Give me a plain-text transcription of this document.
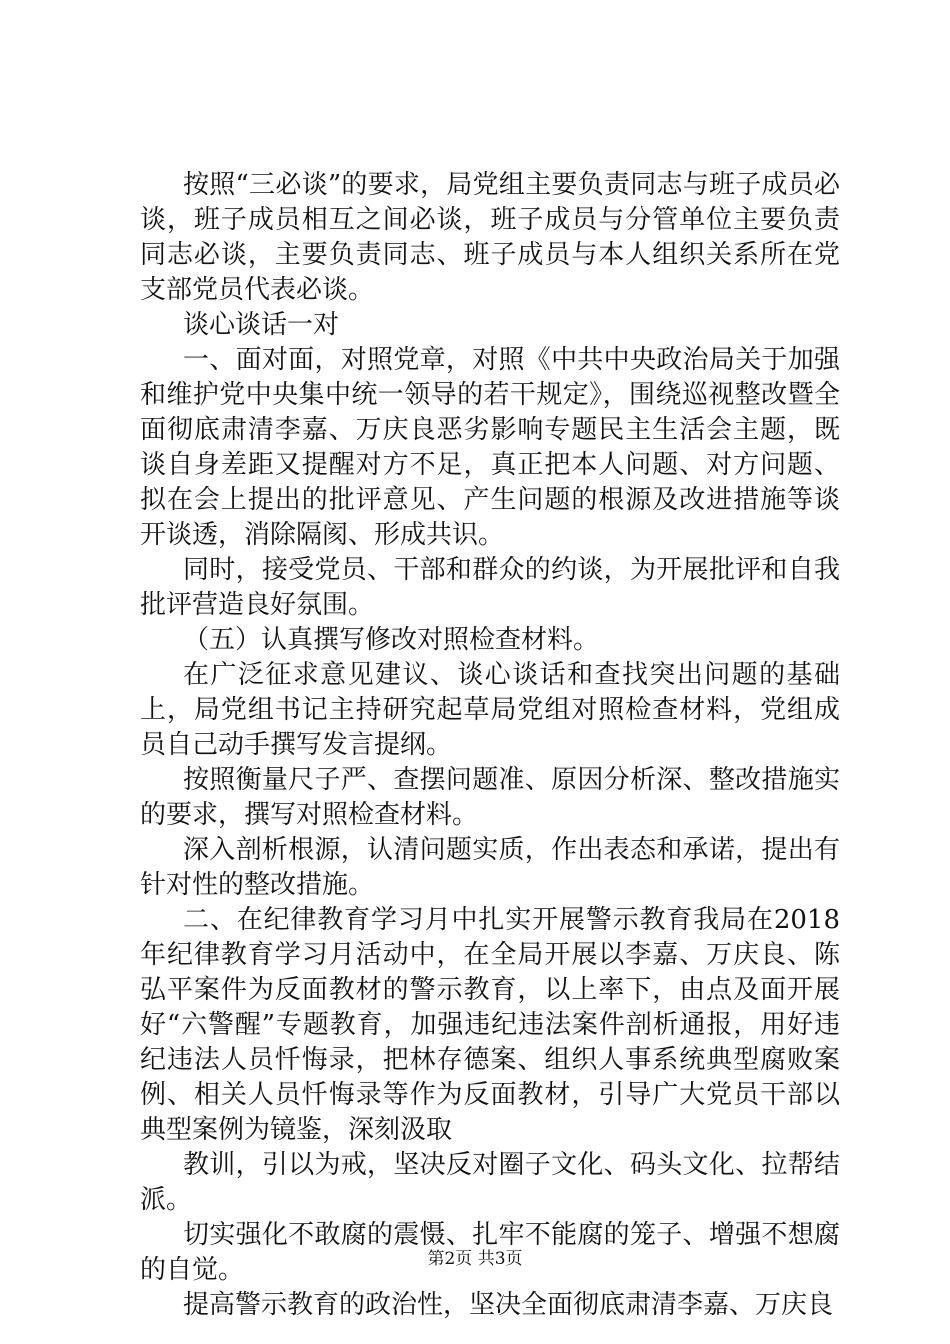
按照“三必谈”的要求，局党组主要负责同志与班子成员必谈，班子成员相互之间必谈，班子成员与分管单位主要负责同志必谈，主要负责同志、班子成员与本人组织关系所在党支部党员代表必谈。

谈心谈话一对

一、面对面，对照党章，对照《中共中央政治局关于加强和维护党中央集中统一领导的若干规定》，围绕巡视整改暨全面彻底肃清李嘉、万庆良恶劣影响专题民主生活会主题，既谈自身差距又提醒对方不足，真正把本人问题、对方问题、拟在会上提出的批评意见、产生问题的根源及改进措施等谈开谈透，消除隔阂、形成共识。

同时，接受党员、干部和群众的约谈，为开展批评和自我批评营造良好氛围。

（五）认真撰写修改对照检查材料。

在广泛征求意见建议、谈心谈话和查找突出问题的基础上，局党组书记主持研究起草局党组对照检查材料，党组成员自己动手撰写发言提纲。

按照衡量尺子严、查摆问题准、原因分析深、整改措施实的要求，撰写对照检查材料。

深入剖析根源，认清问题实质，作出表态和承诺，提出有针对性的整改措施。

二、在纪律教育学习月中扎实开展警示教育我局在2018年纪律教育学习月活动中，在全局开展以李嘉、万庆良、陈弘平案件为反面教材的警示教育，以上率下，由点及面开展好“六警醒”专题教育，加强违纪违法案件剖析通报，用好违纪违法人员忏悔录，把林存德案、组织人事系统典型腐败案例、相关人员忏悔录等作为反面教材，引导广大党员干部以典型案例为镜鉴，深刻汲取

教训，引以为戒，坚决反对圈子文化、码头文化、拉帮结派。

切实强化不敢腐的震慑、扎牢不能腐的笼子、增强不想腐的自觉。

提高警示教育的政治性，坚决全面彻底肃清李嘉、万庆良

第2页 共3页
